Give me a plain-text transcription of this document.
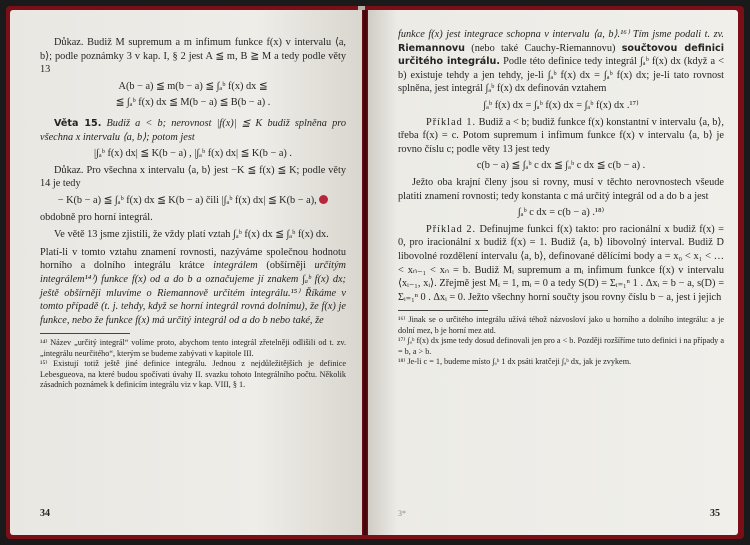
Důkaz. Budiž M supremum a m infimum funkce f(x) v intervalu ⟨a, b⟩; podle poznámky 3 v kap. I, § 2 jest A ≦ m, B ≧ M a tedy podle věty 13

A(b − a) ≦ m(b − a) ≦ ∫ₐᵇ f(x) dx ≦
≦ ∫ₐᵇ f(x) dx ≦ M(b − a) ≦ B(b − a) .

Věta 15. Budiž a < b; nerovnost |f(x)| ≦ K budiž splněna pro všechna x intervalu ⟨a, b⟩; potom jest

|∫ₐᵇ f(x) dx| ≦ K(b − a) , |∫ₐᵇ f(x) dx| ≦ K(b − a) .

Důkaz. Pro všechna x intervalu ⟨a, b⟩ jest −K ≦ f(x) ≦ K; podle věty 14 je tedy

− K(b − a) ≦ ∫ₐᵇ f(x) dx ≦ K(b − a) čili |∫ₐᵇ f(x) dx| ≦ K(b − a),

obdobně pro horní integrál.

Ve větě 13 jsme zjistili, že vždy platí vztah ∫ₐᵇ f(x) dx ≦ ∫ₐᵇ f(x) dx.

Platí-li v tomto vztahu znamení rovnosti, nazýváme společnou hodnotu horního a dolního integrálu krátce integrálem (obšírněji určitým integrálem¹⁴⁾) funkce f(x) od a do b a označujeme jí znakem ∫ₐᵇ f(x) dx; ještě obšírněji mluvíme o Riemannově určitém integrálu.¹⁵⁾ Říkáme v tomto případě (t. j. tehdy, když se horní integrál rovná dolnímu), že f(x) je funkce, nebo že funkce f(x) má určitý integrál od a do b nebo také, že

¹⁴⁾ Název „určitý integrál“ volíme proto, abychom tento integrál zřetelněji odlišili od t. zv. „integrálu neurčitého“, kterým se budeme zabývati v kapitole III.

¹⁵⁾ Existují totiž ještě jiné definice integrálu. Jednou z nejdůležitějších je definice Lebesgueova, na které budou spočívati úvahy II. svazku tohoto Integrálního počtu. Několik zásadních poznámek k definicím integrálu viz v kap. VIII, § 1.

34

funkce f(x) jest integrace schopna v intervalu ⟨a, b⟩.¹⁶⁾ Tím jsme podali t. zv. Riemannovu (nebo také Cauchy-Riemannovu) součtovou definici určitého integrálu. Podle této definice tedy integrál ∫ₐᵇ f(x) dx (když a < b) existuje tehdy a jen tehdy, je-li ∫ₐᵇ f(x) dx = ∫ₐᵇ f(x) dx; je-li tato rovnost splněna, jest integrál ∫ₐᵇ f(x) dx definován vztahem

∫ₐᵇ f(x) dx = ∫ₐᵇ f(x) dx = ∫ₐᵇ f(x) dx .¹⁷⁾

Příklad 1. Budiž a < b; budiž funkce f(x) konstantní v intervalu ⟨a, b⟩, třeba f(x) = c. Potom supremum i infimum funkce f(x) v intervalu ⟨a, b⟩ je rovno číslu c; podle věty 13 jest tedy

c(b − a) ≦ ∫ₐᵇ c dx ≦ ∫ₐᵇ c dx ≦ c(b − a) .

Ježto oba krajní členy jsou si rovny, musí v těchto nerovnostech všeude platiti znamení rovnosti; tedy konstanta c má určitý integrál od a do b a jest

∫ₐᵇ c dx = c(b − a) .¹⁸⁾

Příklad 2. Definujme funkci f(x) takto: pro racionální x budiž f(x) = 0, pro iracionální x budiž f(x) = 1. Budiž ⟨a, b⟩ libovolný interval. Budiž D libovolné rozdělení intervalu ⟨a, b⟩, definované dělícími body a = x₀ < x₁ < … < xₙ₋₁ < xₙ = b. Budiž Mᵢ supremum a mᵢ infimum funkce f(x) v intervalu ⟨xᵢ₋₁, xᵢ⟩. Zřejmě jest Mᵢ = 1, mᵢ = 0 a tedy S(D) = Σᵢ₌₁ⁿ 1 . Δxᵢ = b − a, s(D) = Σᵢ₌₁ⁿ 0 . Δxᵢ = 0. Ježto všechny horní součty jsou rovny číslu b − a, jest i jejich

¹⁶⁾ Jinak se o určitého integrálu užívá téhož názvosloví jako u horního a dolního integrálu: a je dolní mez, b je horní mez atd.

¹⁷⁾ ∫ₐᵇ f(x) dx jsme tedy dosud definovali jen pro a < b. Později rozšíříme tuto definici i na případy a = b, a > b.

¹⁸⁾ Je-li c = 1, budeme místo ∫ₐᵇ 1 dx psáti kratčeji ∫ₐᵇ dx, jak je zvykem.

3*	35
